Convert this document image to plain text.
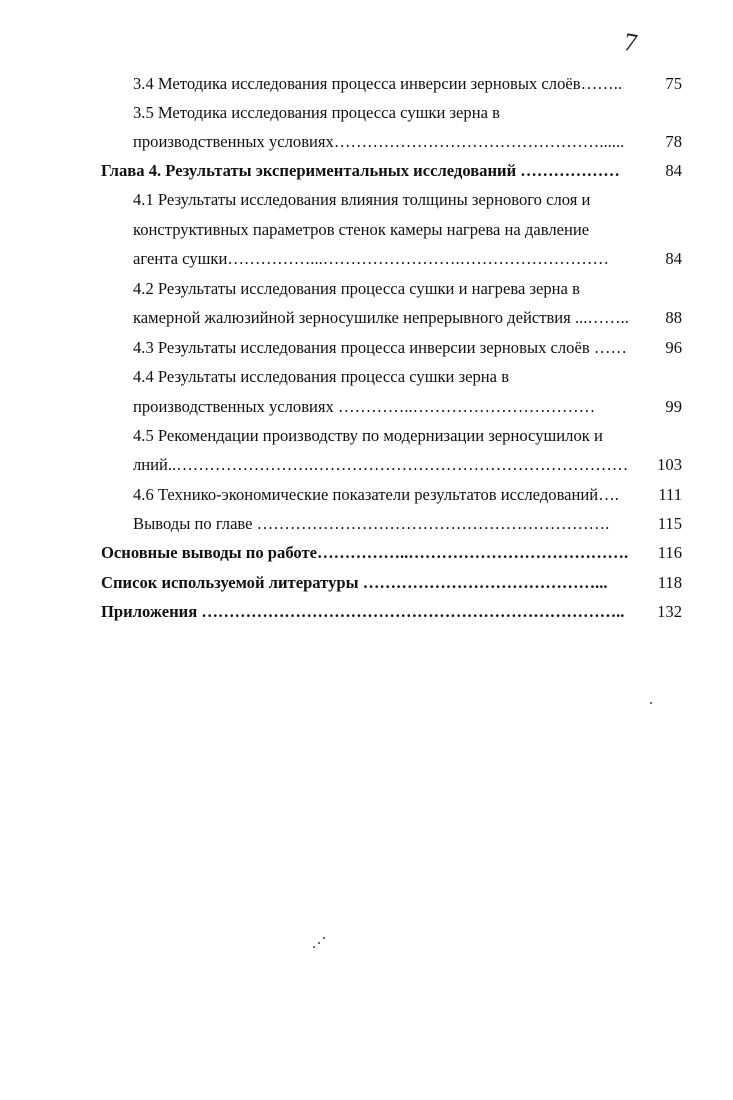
7
3.4 Методика исследования процесса инверсии зерновых слоёв……..	75
3.5 Методика исследования процесса сушки зерна в
производственных условиях…………………………………………......	78
Глава 4. Результаты экспериментальных исследований ………………	84
4.1 Результаты исследования влияния толщины зернового слоя и
конструктивных параметров стенок камеры нагрева на давление
агента сушки……………...…………………….………………………	84
4.2 Результаты исследования процесса сушки и нагрева зерна в
камерной жалюзийной зерносушилке непрерывного действия ...……..	88
4.3 Результаты исследования процесса инверсии зерновых слоёв ……	96
4.4 Результаты исследования процесса сушки зерна в
производственных условиях …………..……………………………	99
4.5 Рекомендации производству по модернизации зерносушилок и
лний..…………………….…………………………………………………	103
4.6 Технико-экономические показатели результатов исследований….	111
Выводы по главе ……………………………………………………….	115
Основные выводы по работе……………..………………………………….	116
Список используемой литературы ……………………………………...	118
Приложения …………………………………………………………………..	132
